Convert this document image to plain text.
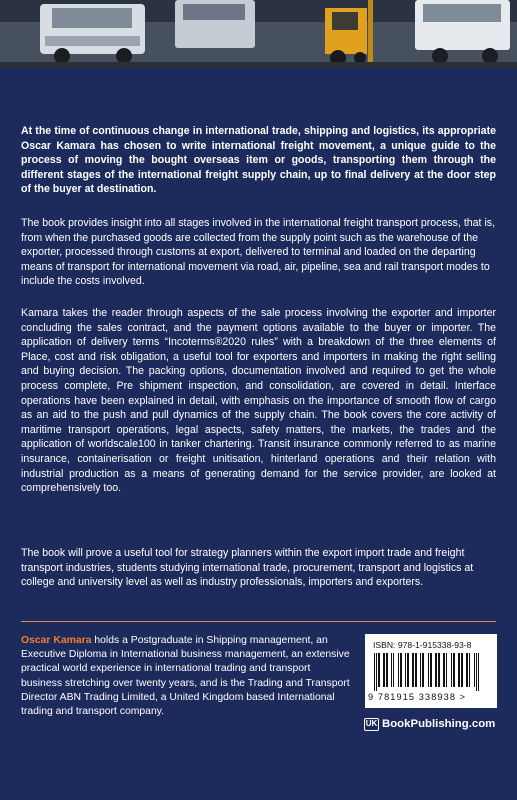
At the time of continuous change in international trade, shipping and logistics, its appropriate Oscar Kamara has chosen to write international freight movement, a unique guide to the process of moving the bought overseas item or goods, transporting them through the different stages of the international freight supply chain, up to final delivery at the door step of the buyer at destination.

The book provides insight into all stages involved in the international freight transport process, that is, from when the purchased goods are collected from the supply point such as the warehouse of the exporter, processed through customs at export, delivered to terminal and loaded on the departing means of transport for international movement via road, air, pipeline, sea and rail transport modes to include the costs involved.

Kamara takes the reader through aspects of the sale process involving the exporter and importer concluding the sales contract, and the payment options available to the buyer or importer. The application of delivery terms “Incoterms®2020 rules” with a breakdown of the three elements of Place, cost and risk obligation, a useful tool for exporters and importers in making the right selling and buying decision. The packing options, documentation involved and required to get the whole process complete, Pre shipment inspection, and consolidation, are covered in detail. Interface operations have been explained in detail, with emphasis on the importance of smooth flow of cargo as an aid to the push and pull dynamics of the supply chain. The book covers the core activity of maritime transport operations, legal aspects, safety matters, the markets, the trades and the application of worldscale100 in tanker chartering. Transit insurance commonly referred to as marine insurance, containerisation or freight unitisation, hinterland operations and their relation with industrial production as a means of generating demand for the service provider, are looked at comprehensively too.

The book will prove a useful tool for strategy planners within the export import trade and freight transport industries, students studying international trade, procurement, transport and logistics at college and university level as well as industry professionals, importers and exporters.

Oscar Kamara holds a Postgraduate in Shipping management, an Executive Diploma in International business management, an extensive practical world experience in international trading and transport business stretching over twenty years, and is the Trading and Transport Director ABN Trading Limited, a United Kingdom based International trading and transport company.

ISBN: 978-1-915338-93-8
9 781915 338938 >
UK BookPublishing.com
